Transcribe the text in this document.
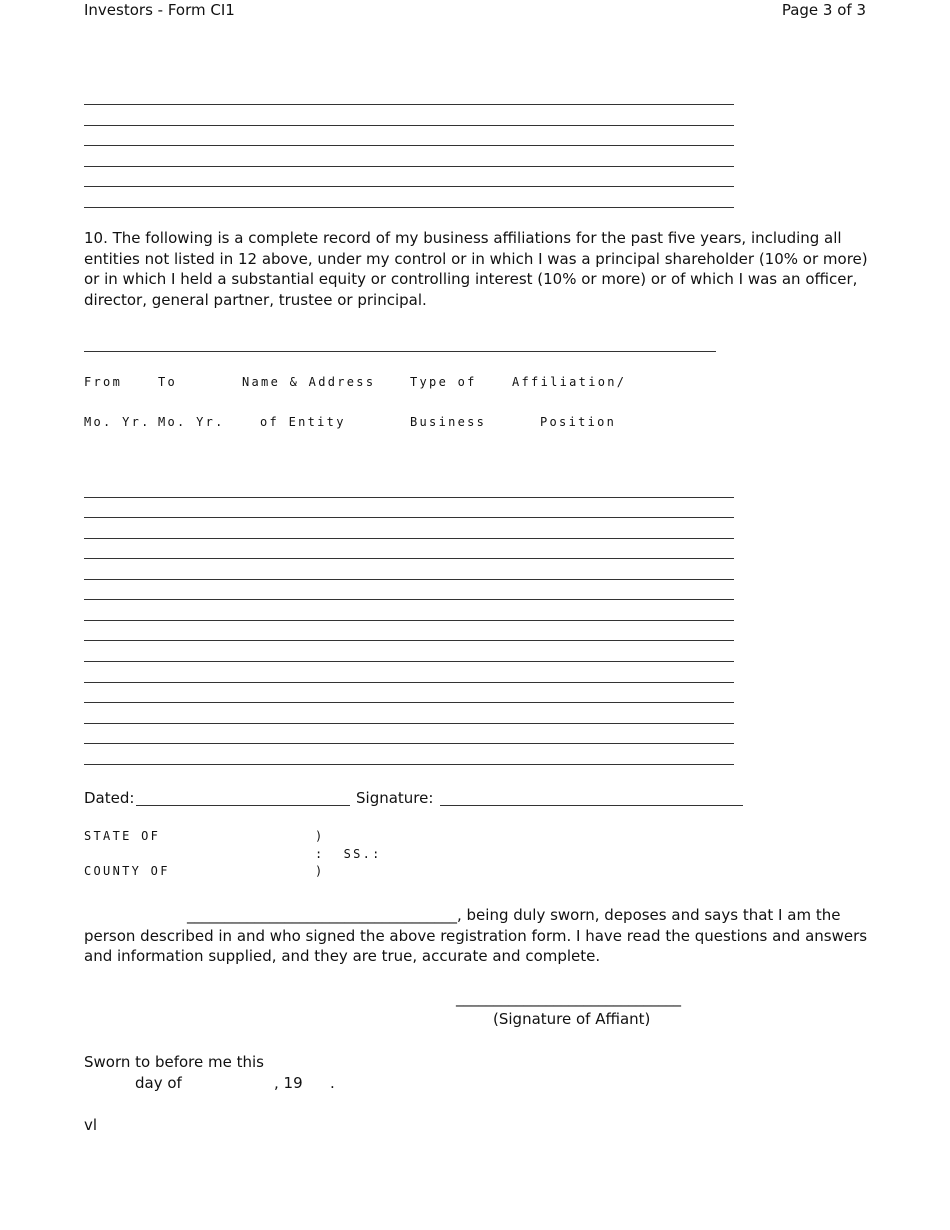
Investors - Form CI1	Page 3 of 3
10. The following is a complete record of my business affiliations for the past five years, including all entities not listed in 12 above, under my control or in which I was a principal shareholder (10% or more) or in which I held a substantial equity or controlling interest (10% or more) or of which I was an officer, director, general partner, trustee or principal.
From	To	Name & Address	Type of	Affiliation/
Mo. Yr. Mo. Yr.	of Entity	Business	Position
Dated:	Signature:
STATE OF	)
:  SS.:
COUNTY OF	)
____________________________________, being duly sworn, deposes and says that I am the person described in and who signed the above registration form. I have read the questions and answers and information supplied, and they are true, accurate and complete.
______________________________
(Signature of Affiant)
Sworn to before me this
day of	, 19 .
vl
